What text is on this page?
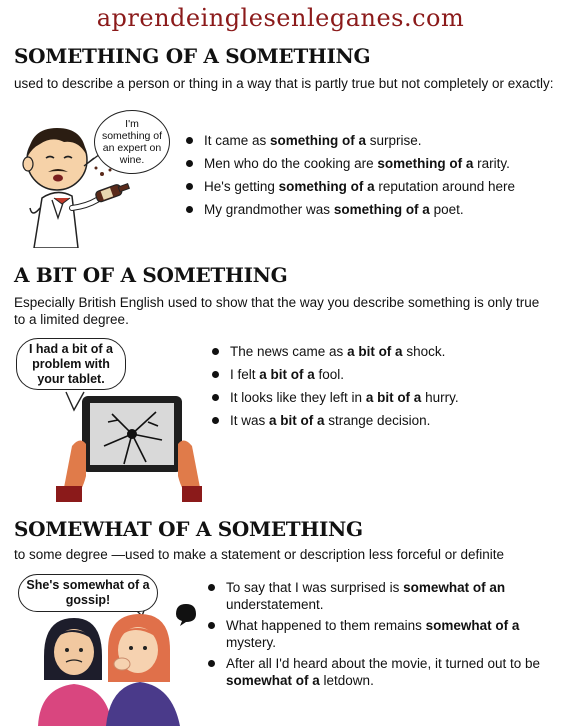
aprendeinglesenleganes.com
SOMETHING OF A SOMETHING
used to describe a person or thing in a way that is partly true but not completely or exactly:
I'm something of an expert on wine.
It came as something of a surprise.
Men who do the cooking are something of a rarity.
He's getting something of a reputation around here
My grandmother was something of a poet.
A BIT OF A SOMETHING
Especially British English used to show that the way you describe something is only true to a limited degree.
I had a bit of a problem with your tablet.
The news came as a bit of a shock.
I felt a bit of a fool.
It looks like they left in a bit of a hurry.
It was a bit of a strange decision.
SOMEWHAT OF A SOMETHING
to some degree —used to make a statement or description less forceful or definite
She's somewhat of a gossip!
To say that I was surprised is somewhat of an understatement.
What happened to them remains somewhat of a mystery.
After all I'd heard about the movie, it turned out to be somewhat of a letdown.
